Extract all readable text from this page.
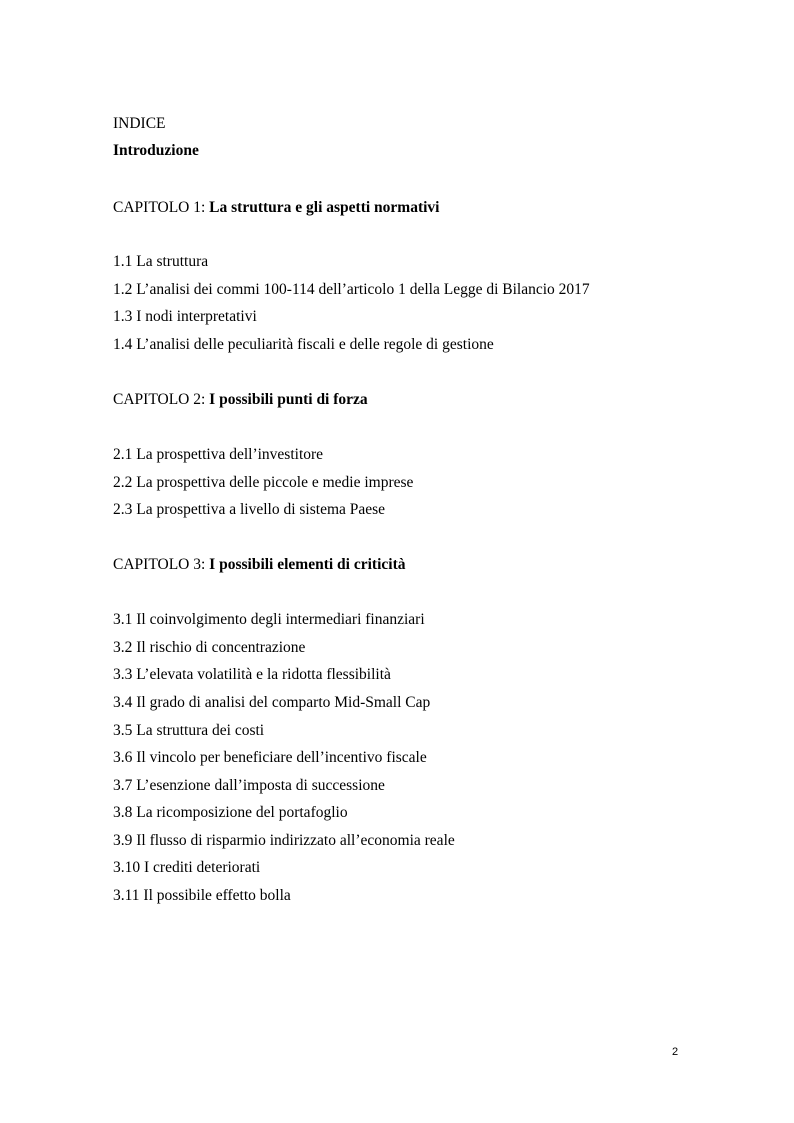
INDICE
Introduzione
CAPITOLO 1: La struttura e gli aspetti normativi
1.1 La struttura
1.2 L’analisi dei commi 100-114 dell’articolo 1 della Legge di Bilancio 2017
1.3 I nodi interpretativi
1.4 L’analisi delle peculiarità fiscali e delle regole di gestione
CAPITOLO 2: I possibili punti di forza
2.1 La prospettiva dell’investitore
2.2 La prospettiva delle piccole e medie imprese
2.3 La prospettiva a livello di sistema Paese
CAPITOLO 3: I possibili elementi di criticità
3.1 Il coinvolgimento degli intermediari finanziari
3.2 Il rischio di concentrazione
3.3 L’elevata volatilità e la ridotta flessibilità
3.4 Il grado di analisi del comparto Mid-Small Cap
3.5 La struttura dei costi
3.6 Il vincolo per beneficiare dell’incentivo fiscale
3.7 L’esenzione dall’imposta di successione
3.8 La ricomposizione del portafoglio
3.9 Il flusso di risparmio indirizzato all’economia reale
3.10 I crediti deteriorati
3.11 Il possibile effetto bolla
2
